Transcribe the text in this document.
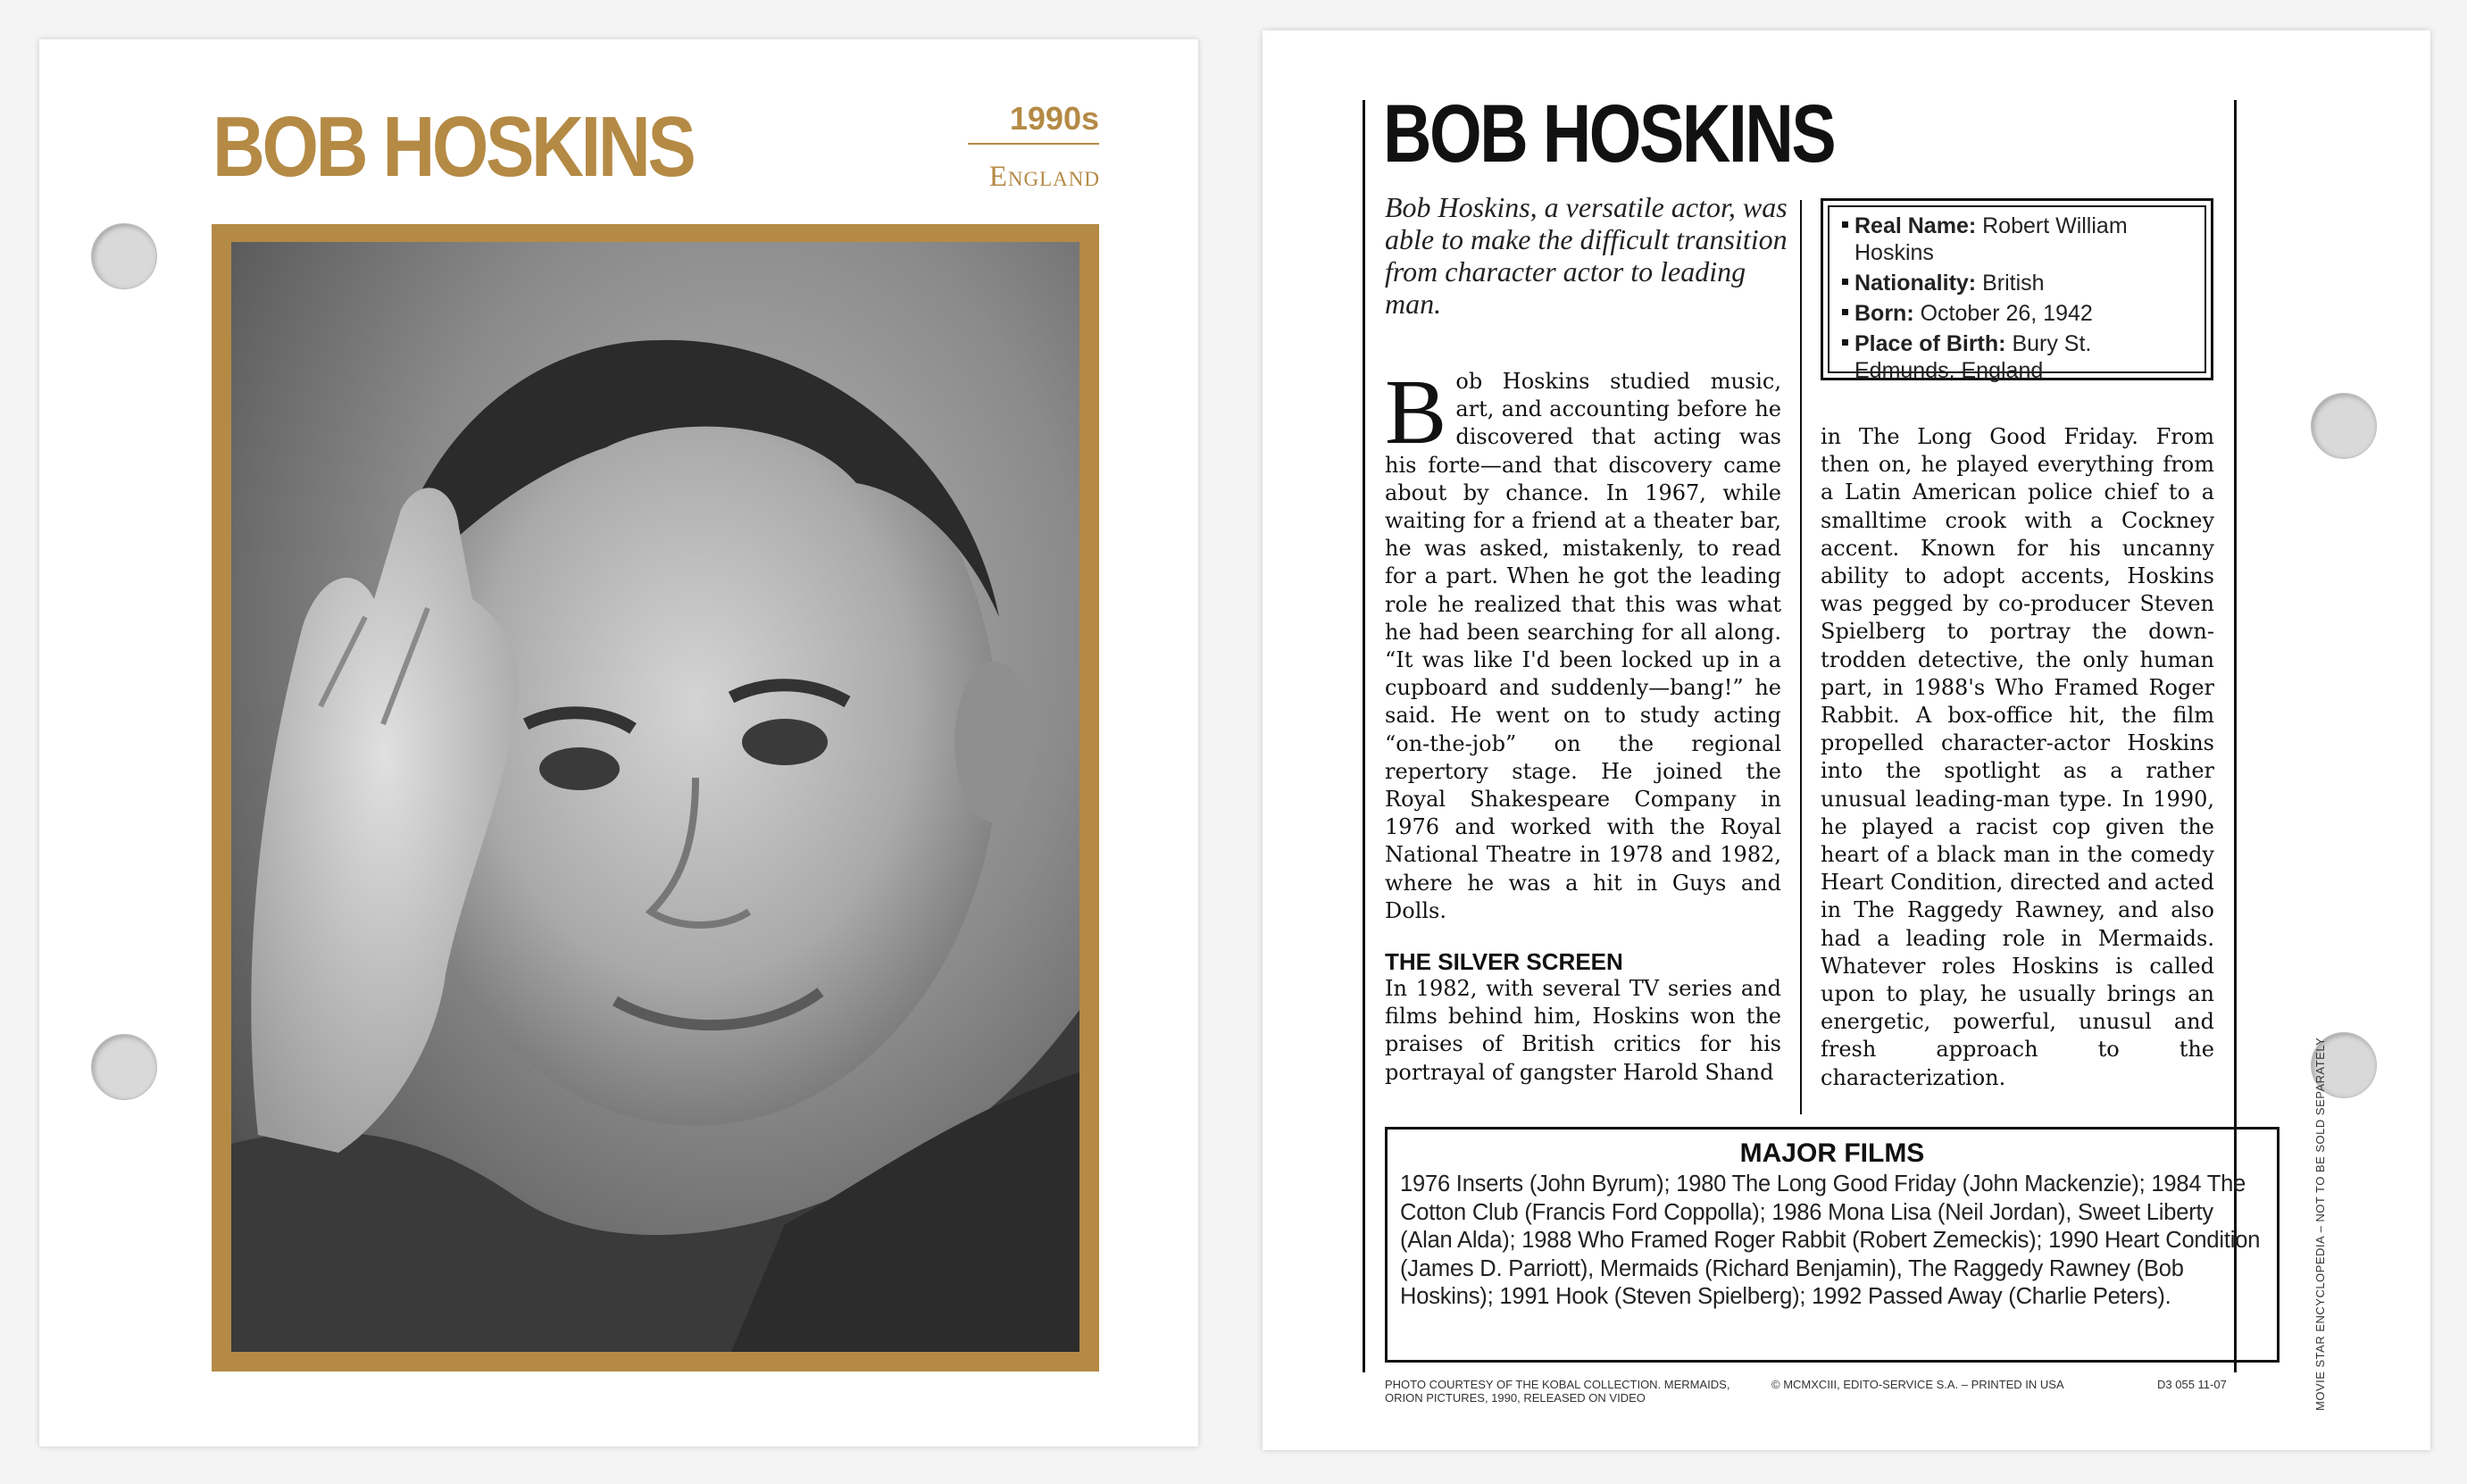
BOB HOSKINS	1990s
England	BOB HOSKINS
Bob Hoskins, a versatile actor, was able to make the difficult transition from character actor to leading man.
Real Name: Robert William Hoskins
Nationality: British
Born: October 26, 1942
Place of Birth: Bury St. Edmunds, England

Bob Hoskins studied music, art, and accounting before he discovered that acting was his forte—and that discovery came about by chance. In 1967, while waiting for a friend at a theater bar, he was asked, mistakenly, to read for a part. When he got the leading role he realized that this was what he had been searching for all along. “It was like I'd been locked up in a cupboard and suddenly—bang!” he said. He went on to study acting “on-the-job” on the regional repertory stage. He joined the Royal Shakespeare Company in 1976 and worked with the Royal National Theatre in 1978 and 1982, where he was a hit in Guys and Dolls.

THE SILVER SCREEN

In 1982, with several TV series and films behind him, Hoskins won the praises of British critics for his portrayal of gangster Harold Shand

in The Long Good Friday. From then on, he played everything from a Latin American police chief to a smalltime crook with a Cockney accent. Known for his uncanny ability to adopt accents, Hoskins was pegged by co-producer Steven Spielberg to portray the downtrodden detective, the only human part, in 1988's Who Framed Roger Rabbit. A box-office hit, the film propelled character-actor Hoskins into the spotlight as a rather unusual leading-man type. In 1990, he played a racist cop given the heart of a black man in the comedy Heart Condition, directed and acted in The Raggedy Rawney, and also had a leading role in Mermaids. Whatever roles Hoskins is called upon to play, he usually brings an energetic, powerful, unusul and fresh approach to the characterization.

MAJOR FILMS

1976 Inserts (John Byrum); 1980 The Long Good Friday (John Mackenzie); 1984 The Cotton Club (Francis Ford Coppolla); 1986 Mona Lisa (Neil Jordan), Sweet Liberty (Alan Alda); 1988 Who Framed Roger Rabbit (Robert Zemeckis); 1990 Heart Condition (James D. Parriott), Mermaids (Richard Benjamin), The Raggedy Rawney (Bob Hoskins); 1991 Hook (Steven Spielberg); 1992 Passed Away (Charlie Peters).

PHOTO COURTESY OF THE KOBAL COLLECTION. MERMAIDS, ORION PICTURES, 1990, RELEASED ON VIDEO
© MCMXCIII, EDITO-SERVICE S.A. – PRINTED IN USA	D3 055 11-07	MOVIE STAR ENCYCLOPEDIA – NOT TO BE SOLD SEPARATELY
